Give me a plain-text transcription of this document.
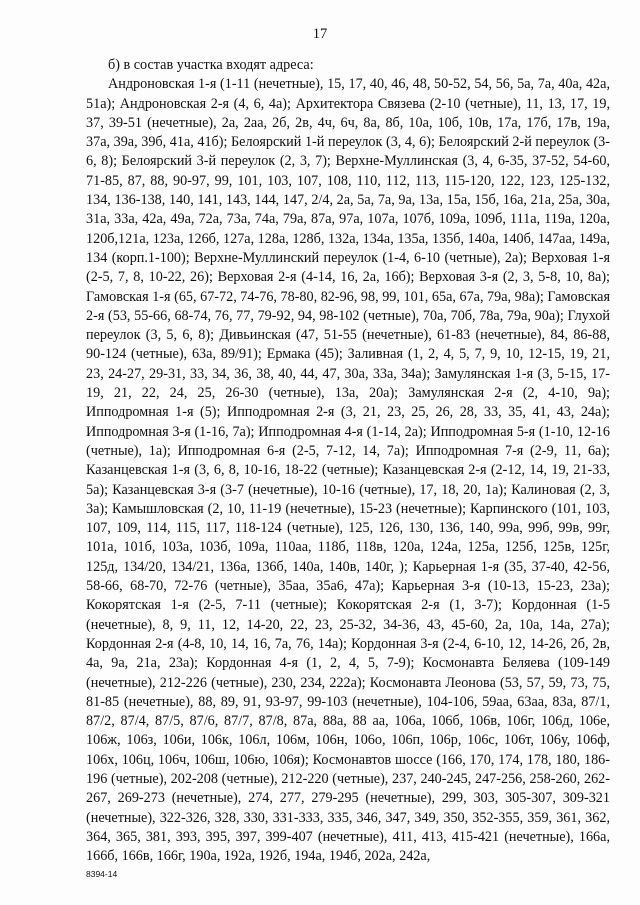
17

б) в состав участка входят адреса:

Андроновская 1-я (1-11 (нечетные), 15, 17, 40, 46, 48, 50-52, 54, 56, 5а, 7а, 40а, 42а, 51а); Андроновская 2-я (4, 6, 4а); Архитектора Связева (2-10 (четные), 11, 13, 17, 19, 37, 39-51 (нечетные), 2а, 2аа, 2б, 2в, 4ч, 6ч, 8а, 8б, 10а, 10б, 10в, 17а, 17б, 17в, 19а, 37а, 39а, 39б, 41а, 41б); Белоярский 1-й переулок (3, 4, 6); Белоярский 2-й переулок (3-6, 8); Белоярский 3-й переулок (2, 3, 7); Верхне-Муллинская (3, 4, 6-35, 37-52, 54-60, 71-85, 87, 88, 90-97, 99, 101, 103, 107, 108, 110, 112, 113, 115-120, 122, 123, 125-132, 134, 136-138, 140, 141, 143, 144, 147, 2/4, 2а, 5а, 7а, 9а, 13а, 15а, 15б, 16а, 21а, 25а, 30а, 31а, 33а, 42а, 49а, 72а, 73а, 74а, 79а, 87а, 97а, 107а, 107б, 109а, 109б, 111а, 119а, 120а, 120б,121а, 123а, 126б, 127а, 128а, 128б, 132а, 134а, 135а, 135б, 140а, 140б, 147аа, 149а, 134 (корп.1-100); Верхне-Муллинский переулок (1-4, 6-10 (четные), 2а); Верховая 1-я (2-5, 7, 8, 10-22, 26); Верховая 2-я (4-14, 16, 2а, 16б); Верховая 3-я (2, 3, 5-8, 10, 8а); Гамовская 1-я (65, 67-72, 74-76, 78-80, 82-96, 98, 99, 101, 65а, 67а, 79а, 98а); Гамовская 2-я (53, 55-66, 68-74, 76, 77, 79-92, 94, 98-102 (четные), 70а, 70б, 78а, 79а, 90а); Глухой переулок (3, 5, 6, 8); Дивьинская (47, 51-55 (нечетные), 61-83 (нечетные), 84, 86-88, 90-124 (четные), 63а, 89/91); Ермака (45); Заливная (1, 2, 4, 5, 7, 9, 10, 12-15, 19, 21, 23, 24-27, 29-31, 33, 34, 36, 38, 40, 44, 47, 30а, 33а, 34а); Замулянская 1-я (3, 5-15, 17-19, 21, 22, 24, 25, 26-30 (четные), 13а, 20а); Замулянская 2-я (2, 4-10, 9а); Ипподромная 1-я (5); Ипподромная 2-я (3, 21, 23, 25, 26, 28, 33, 35, 41, 43, 24а); Ипподромная 3-я (1-16, 7а); Ипподромная 4-я (1-14, 2а); Ипподромная 5-я (1-10, 12-16 (четные), 1а); Ипподромная 6-я (2-5, 7-12, 14, 7а); Ипподромная 7-я (2-9, 11, 6а); Казанцевская 1-я (3, 6, 8, 10-16, 18-22 (четные); Казанцевская 2-я (2-12, 14, 19, 21-33, 5а); Казанцевская 3-я (3-7 (нечетные), 10-16 (четные), 17, 18, 20, 1а); Калиновая (2, 3, 3а); Камышловская (2, 10, 11-19 (нечетные), 15-23 (нечетные); Карпинского (101, 103, 107, 109, 114, 115, 117, 118-124 (четные), 125, 126, 130, 136, 140, 99а, 99б, 99в, 99г, 101а, 101б, 103а, 103б, 109а, 110аа, 118б, 118в, 120а, 124а, 125а, 125б, 125в, 125г, 125д, 134/20, 134/21, 136а, 136б, 140а, 140в, 140г, ); Карьерная 1-я (35, 37-40, 42-56, 58-66, 68-70, 72-76 (четные), 35аа, 35а6, 47а); Карьерная 3-я (10-13, 15-23, 23а); Кокорятская 1-я (2-5, 7-11 (четные); Кокорятская 2-я (1, 3-7); Кордонная (1-5 (нечетные), 8, 9, 11, 12, 14-20, 22, 23, 25-32, 34-36, 43, 45-60, 2а, 10а, 14а, 27а); Кордонная 2-я (4-8, 10, 14, 16, 7а, 76, 14а); Кордонная 3-я (2-4, 6-10, 12, 14-26, 2б, 2в, 4а, 9а, 21а, 23а); Кордонная 4-я (1, 2, 4, 5, 7-9); Космонавта Беляева (109-149 (нечетные), 212-226 (четные), 230, 234, 222а); Космонавта Леонова (53, 57, 59, 73, 75, 81-85 (нечетные), 88, 89, 91, 93-97, 99-103 (нечетные), 104-106, 59аа, 63аа, 83а, 87/1, 87/2, 87/4, 87/5, 87/6, 87/7, 87/8, 87а, 88а, 88 аа, 106а, 106б, 106в, 106г, 106д, 106е, 106ж, 106з, 106и, 106к, 106л, 106м, 106н, 106о, 106п, 106р, 106с, 106т, 106у, 106ф, 106х, 106ц, 106ч, 106ш, 106ю, 106я); Космонавтов шоссе (166, 170, 174, 178, 180, 186-196 (четные), 202-208 (четные), 212-220 (четные), 237, 240-245, 247-256, 258-260, 262-267, 269-273 (нечетные), 274, 277, 279-295 (нечетные), 299, 303, 305-307, 309-321 (нечетные), 322-326, 328, 330, 331-333, 335, 346, 347, 349, 350, 352-355, 359, 361, 362, 364, 365, 381, 393, 395, 397, 399-407 (нечетные), 411, 413, 415-421 (нечетные), 166а, 166б, 166в, 166г, 190а, 192а, 192б, 194а, 194б, 202а, 242а,

8394-14
